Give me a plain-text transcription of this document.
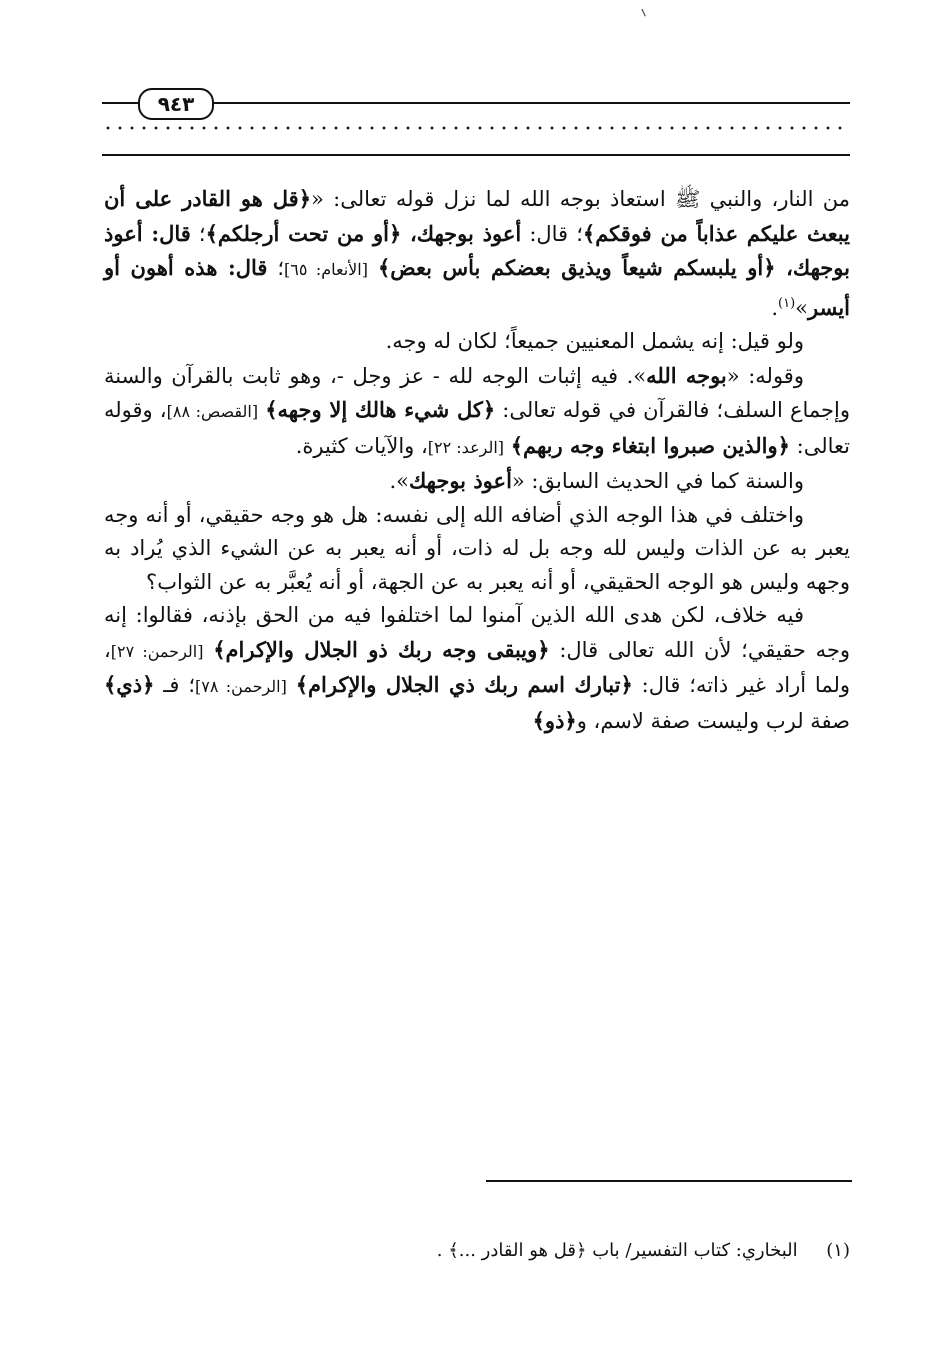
٩٤٣

من النار، والنبي ﷺ استعاذ بوجه الله لما نزل قوله تعالى: «﴿قل هو القادر على أن يبعث عليكم عذاباً من فوقكم﴾؛ قال: أعوذ بوجهك، ﴿أو من تحت أرجلكم﴾؛ قال: أعوذ بوجهك، ﴿أو يلبسكم شيعاً ويذيق بعضكم بأس بعض﴾ [الأنعام: ٦٥]؛ قال: هذه أهون أو أيسر»$^{(١)}$.

ولو قيل: إنه يشمل المعنيين جميعاً؛ لكان له وجه.

وقوله: «بوجه الله». فيه إثبات الوجه لله - عز وجل -، وهو ثابت بالقرآن والسنة وإجماع السلف؛ فالقرآن في قوله تعالى: ﴿كل شيء هالك إلا وجهه﴾ [القصص: ٨٨]، وقوله تعالى: ﴿والذين صبروا ابتغاء وجه ربهم﴾ [الرعد: ٢٢]، والآيات كثيرة.

والسنة كما في الحديث السابق: «أعوذ بوجهك».

واختلف في هذا الوجه الذي أضافه الله إلى نفسه: هل هو وجه حقيقي، أو أنه وجه يعبر به عن الذات وليس لله وجه بل له ذات، أو أنه يعبر به عن الشيء الذي يُراد به وجهه وليس هو الوجه الحقيقي، أو أنه يعبر به عن الجهة، أو أنه يُعبَّر به عن الثواب؟

فيه خلاف، لكن هدى الله الذين آمنوا لما اختلفوا فيه من الحق بإذنه، فقالوا: إنه وجه حقيقي؛ لأن الله تعالى قال: ﴿ويبقى وجه ربك ذو الجلال والإكرام﴾ [الرحمن: ٢٧]، ولما أراد غير ذاته؛ قال: ﴿تبارك اسم ربك ذي الجلال والإكرام﴾ [الرحمن: ٧٨]؛ فـ ﴿ذي﴾ صفة لرب وليست صفة لاسم، و﴿ذو﴾

(١)     البخاري: كتاب التفسير/ باب ﴿قل هو القادر ...﴾ .
